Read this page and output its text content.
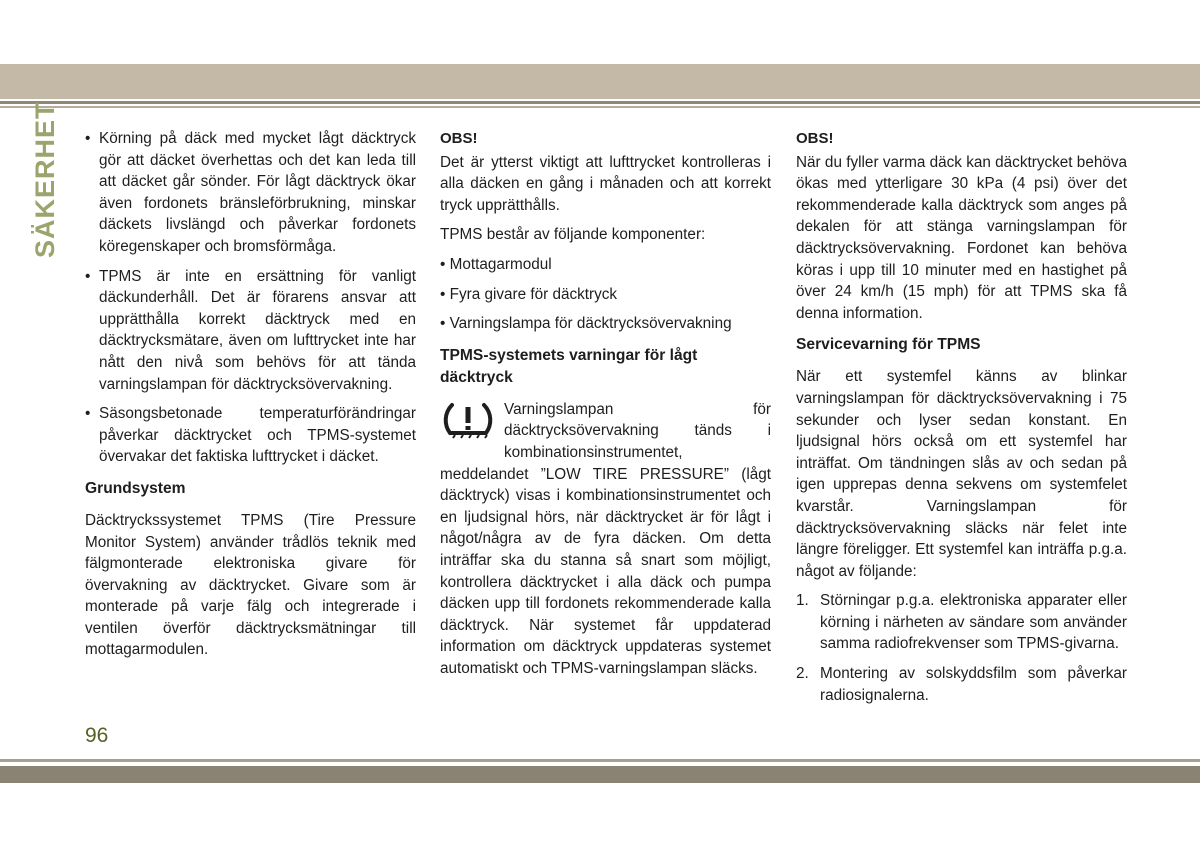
SÄKERHET • Körning på däck med mycket lågt däcktryck gör att däcket överhettas och det kan leda till att däcket går sönder. För lågt däcktryck ökar även fordonets bränsleförbrukning, minskar däckets livslängd och påverkar fordonets köregenskaper och bromsförmåga.
• TPMS är inte en ersättning för vanligt däckunderhåll. Det är förarens ansvar att upprätthålla korrekt däcktryck med en däcktrycksmätare, även om lufttrycket inte har nått den nivå som behövs för att tända varningslampan för däcktrycksövervakning.
• Säsongsbetonade temperaturförändringar påverkar däcktrycket och TPMS-systemet övervakar det faktiska lufttrycket i däcket.
Grundsystem

Däcktryckssystemet TPMS (Tire Pressure Monitor System) använder trådlös teknik med fälgmonterade elektroniska givare för övervakning av däcktrycket. Givare som är monterade på varje fälg och integrerade i ventilen överför däcktrycksmätningar till mottagarmodulen.

OBS!

Det är ytterst viktigt att lufttrycket kontrolleras i alla däcken en gång i månaden och att korrekt tryck upprätthålls.

TPMS består av följande komponenter:

• Mottagarmodul
• Fyra givare för däcktryck
• Varningslampa för däcktrycksövervakning
TPMS-systemets varningar för lågt däcktryck

Varningslampan för däcktrycksövervakning tänds i kombinationsinstrumentet, meddelandet ”LOW TIRE PRESSURE” (lågt däcktryck) visas i kombinationsinstrumentet och en ljudsignal hörs, när däcktrycket är för lågt i något/några av de fyra däcken. Om detta inträffar ska du stanna så snart som möjligt, kontrollera däcktrycket i alla däck och pumpa däcken upp till fordonets rekommenderade kalla däcktryck. När systemet får uppdaterad information om däcktryck uppdateras systemet automatiskt och TPMS-varningslampan släcks.

OBS!

När du fyller varma däck kan däcktrycket behöva ökas med ytterligare 30 kPa (4 psi) över det rekommenderade kalla däcktryck som anges på dekalen för att stänga varningslampan för däcktrycksövervakning. Fordonet kan behöva köras i upp till 10 minuter med en hastighet på över 24 km/h (15 mph) för att TPMS ska få denna information.

Servicevarning för TPMS

När ett systemfel känns av blinkar varningslampan för däcktrycksövervakning i 75 sekunder och lyser sedan konstant. En ljudsignal hörs också om ett systemfel har inträffat. Om tändningen slås av och sedan på igen upprepas denna sekvens om systemfelet kvarstår. Varningslampan för däcktrycksövervakning släcks när felet inte längre föreligger. Ett systemfel kan inträffa p.g.a. något av följande:

1. Störningar p.g.a. elektroniska apparater eller körning i närheten av sändare som använder samma radiofrekvenser som TPMS-givarna.
2. Montering av solskyddsfilm som påverkar radiosignalerna.
96
